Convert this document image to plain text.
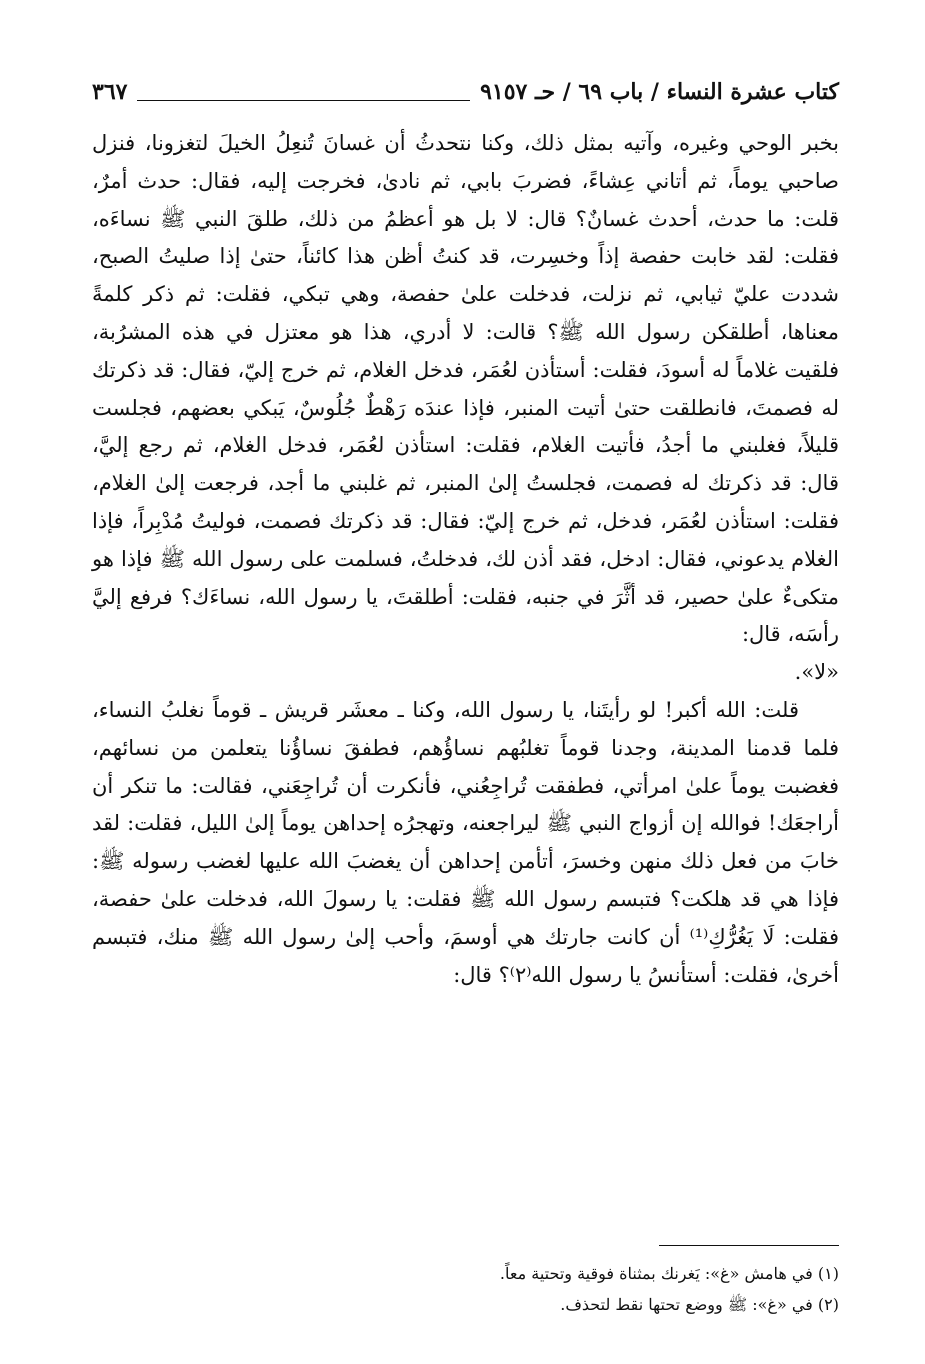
كتاب عشرة النساء / باب ٦٩ / حـ ٩١٥٧
٣٦٧

بخبر الوحي وغيره، وآتيه بمثل ذلك، وكنا نتحدثُ أن غسانَ تُنعِلُ الخيلَ لتغزونا، فنزل صاحبي يوماً، ثم أتاني عِشاءً، فضربَ بابي، ثم نادىٰ، فخرجت إليه، فقال: حدث أمرٌ، قلت: ما حدث، أحدث غسانٌ؟ قال: لا بل هو أعظمُ من ذلك، طلقَ النبي ﷺ نساءَه، فقلت: لقد خابت حفصة إذاً وخسِرت، قد كنتُ أظن هذا كائناً، حتىٰ إذا صليتُ الصبح، شددت عليّ ثيابي، ثم نزلت، فدخلت علىٰ حفصة، وهي تبكي، فقلت: ثم ذكر كلمةً معناها، أطلقكن رسول الله ﷺ؟ قالت: لا أدري، هذا هو معتزل في هذه المشرُبة، فلقيت غلاماً له أسودَ، فقلت: أستأذن لعُمَر، فدخل الغلام، ثم خرج إليّ، فقال: قد ذكرتك له فصمتَ، فانطلقت حتىٰ أتيت المنبر، فإذا عندَه رَهْطٌ جُلُوسٌ، يَبكي بعضهم، فجلست قليلاً، فغلبني ما أجدُ، فأتيت الغلام، فقلت: استأذن لعُمَر، فدخل الغلام، ثم رجع إليَّ، قال: قد ذكرتك له فصمت، فجلستُ إلىٰ المنبر، ثم غلبني ما أجد، فرجعت إلىٰ الغلام، فقلت: استأذن لعُمَر، فدخل، ثم خرج إليّ: فقال: قد ذكرتك فصمت، فوليتُ مُدْبِراً، فإذا الغلام يدعوني، فقال: ادخل، فقد أذن لك، فدخلتُ، فسلمت على رسول الله ﷺ فإذا هو متكىءٌ علىٰ حصير، قد أثَّرَ في جنبه، فقلت: أطلقتَ، يا رسول الله، نساءَك؟ فرفع إليَّ رأسَه، قال:

«لا».

قلت: الله أكبر! لو رأيتَنا، يا رسول الله، وكنا ـ معشَر قريش ـ قوماً نغلبُ النساء، فلما قدمنا المدينة، وجدنا قوماً تغلبُهم نساؤُهم، فطفقَ نساؤُنا يتعلمن من نسائهم، فغضبت يوماً علىٰ امرأتي، فطفقت تُراجِعُني، فأنكرت أن تُراجِعَني، فقالت: ما تنكر أن أراجعَك! فوالله إن أزواج النبي ﷺ ليراجعنه، وتهجرُه إحداهن يوماً إلىٰ الليل، فقلت: لقد خابَ من فعل ذلك منهن وخسرَ، أتأمن إحداهن أن يغضبَ الله عليها لغضب رسوله ﷺ: فإذا هي قد هلكت؟ فتبسم رسول الله ﷺ فقلت: يا رسولَ الله، فدخلت علىٰ حفصة، فقلت: لَا يَغُرُّكِ⁽¹⁾ أن كانت جارتك هي أوسمَ، وأحب إلىٰ رسول الله ﷺ منك، فتبسم أخرىٰ، فقلت: أستأنسُ يا رسول الله⁽٢⁾؟ قال:

(١) في هامش «غ»: يَغرنك بمثناة فوقية وتحتية معاً.

(٢) في «غ»: ﷺ ووضع تحتها نقط لتحذف.
